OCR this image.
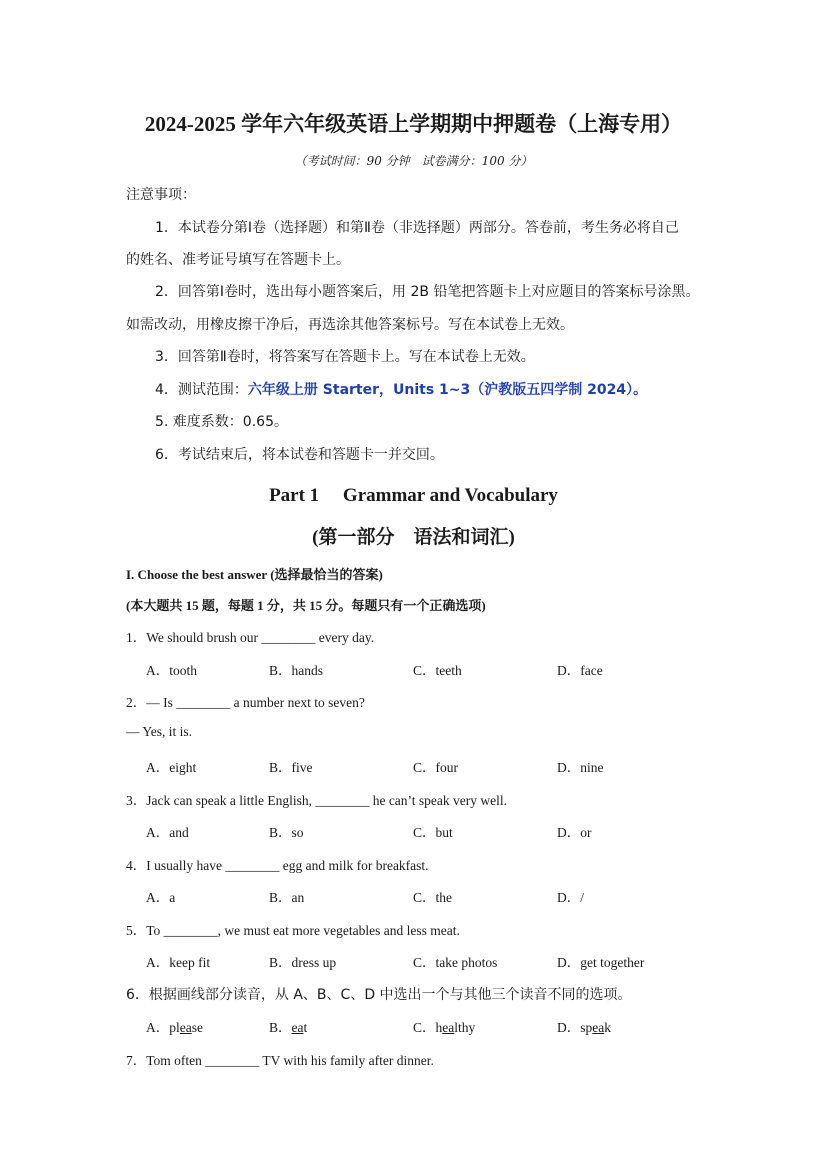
2024-2025 学年六年级英语上学期期中押题卷（上海专用）
（考试时间：90 分钟　试卷满分：100 分）
注意事项：
1．本试卷分第Ⅰ卷（选择题）和第Ⅱ卷（非选择题）两部分。答卷前，考生务必将自己
的姓名、准考证号填写在答题卡上。
2．回答第Ⅰ卷时，选出每小题答案后，用 2B 铅笔把答题卡上对应题目的答案标号涂黑。
如需改动，用橡皮擦干净后，再选涂其他答案标号。写在本试卷上无效。
3．回答第Ⅱ卷时，将答案写在答题卡上。写在本试卷上无效。
4．测试范围：六年级上册 Starter，Units 1~3（沪教版五四学制 2024）。
5. 难度系数：0.65。
6．考试结束后，将本试卷和答题卡一并交回。
Part 1　 Grammar and Vocabulary
(第一部分　语法和词汇)
I. Choose the best answer (选择最恰当的答案)
(本大题共 15 题，每题 1 分，共 15 分。每题只有一个正确选项)
1．We should brush our ________ every day.
A．tooth	B．hands	C．teeth	D．face
2．— Is ________ a number next to seven?
— Yes, it is.
A．eight	B．five	C．four	D．nine
3．Jack can speak a little English, ________ he can’t speak very well.
A．and	B．so	C．but	D．or
4．I usually have ________ egg and milk for breakfast.
A．a	B．an	C．the	D．/
5．To ________, we must eat more vegetables and less meat.
A．keep fit	B．dress up	C．take photos	D．get together
6．根据画线部分读音，从 A、B、C、D 中选出一个与其他三个读音不同的选项。
A．please	B．eat	C．healthy	D．speak
7．Tom often ________ TV with his family after dinner.
